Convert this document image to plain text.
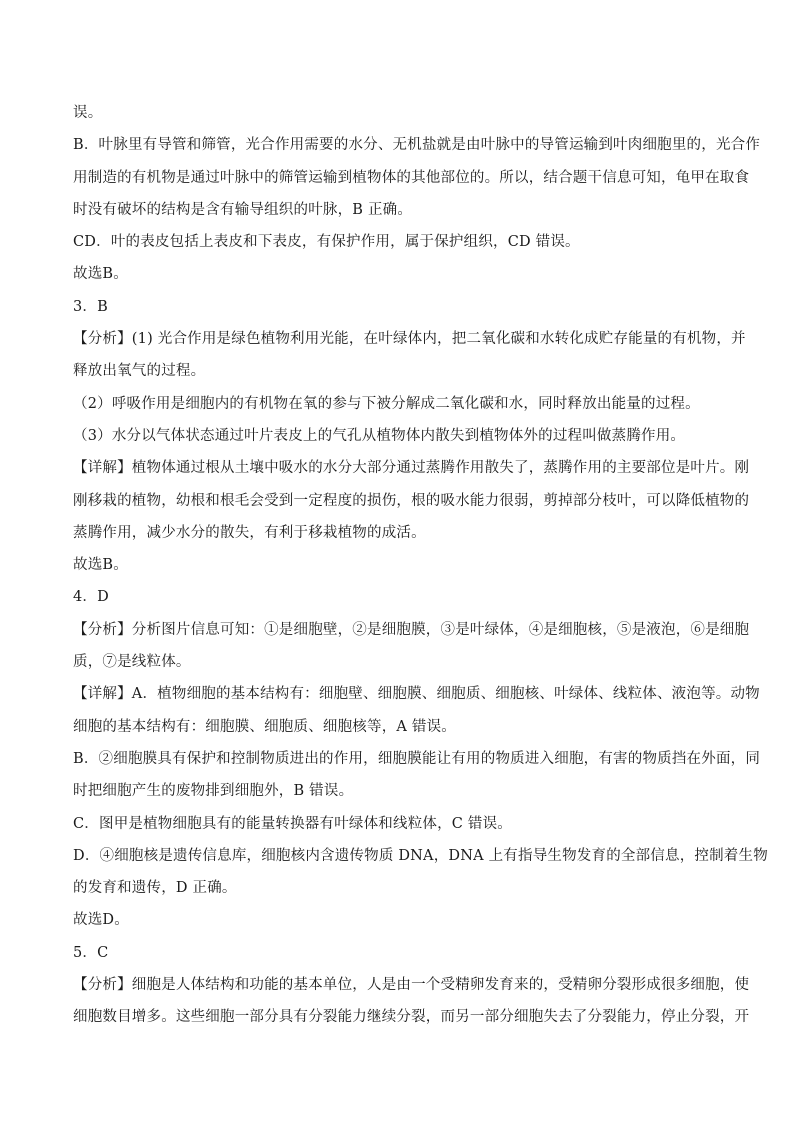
误。
B．叶脉里有导管和筛管，光合作用需要的水分、无机盐就是由叶脉中的导管运输到叶肉细胞里的，光合作
用制造的有机物是通过叶脉中的筛管运输到植物体的其他部位的。所以，结合题干信息可知，龟甲在取食
时没有破坏的结构是含有输导组织的叶脉，B 正确。
CD．叶的表皮包括上表皮和下表皮，有保护作用，属于保护组织，CD 错误。
故选B。
3．B
【分析】(1) 光合作用是绿色植物利用光能，在叶绿体内，把二氧化碳和水转化成贮存能量的有机物，并
释放出氧气的过程。
（2）呼吸作用是细胞内的有机物在氧的参与下被分解成二氧化碳和水，同时释放出能量的过程。
（3）水分以气体状态通过叶片表皮上的气孔从植物体内散失到植物体外的过程叫做蒸腾作用。
【详解】植物体通过根从土壤中吸水的水分大部分通过蒸腾作用散失了，蒸腾作用的主要部位是叶片。刚
刚移栽的植物，幼根和根毛会受到一定程度的损伤，根的吸水能力很弱，剪掉部分枝叶，可以降低植物的
蒸腾作用，减少水分的散失，有利于移栽植物的成活。
故选B。
4．D
【分析】分析图片信息可知：①是细胞壁，②是细胞膜，③是叶绿体，④是细胞核，⑤是液泡，⑥是细胞
质，⑦是线粒体。
【详解】A．植物细胞的基本结构有：细胞壁、细胞膜、细胞质、细胞核、叶绿体、线粒体、液泡等。动物
细胞的基本结构有：细胞膜、细胞质、细胞核等，A 错误。
B．②细胞膜具有保护和控制物质进出的作用，细胞膜能让有用的物质进入细胞，有害的物质挡在外面，同
时把细胞产生的废物排到细胞外，B 错误。
C．图甲是植物细胞具有的能量转换器有叶绿体和线粒体，C 错误。
D．④细胞核是遗传信息库，细胞核内含遗传物质 DNA，DNA 上有指导生物发育的全部信息，控制着生物
的发育和遗传，D 正确。
故选D。
5．C
【分析】细胞是人体结构和功能的基本单位，人是由一个受精卵发育来的，受精卵分裂形成很多细胞，使
细胞数目增多。这些细胞一部分具有分裂能力继续分裂，而另一部分细胞失去了分裂能力，停止分裂，开
